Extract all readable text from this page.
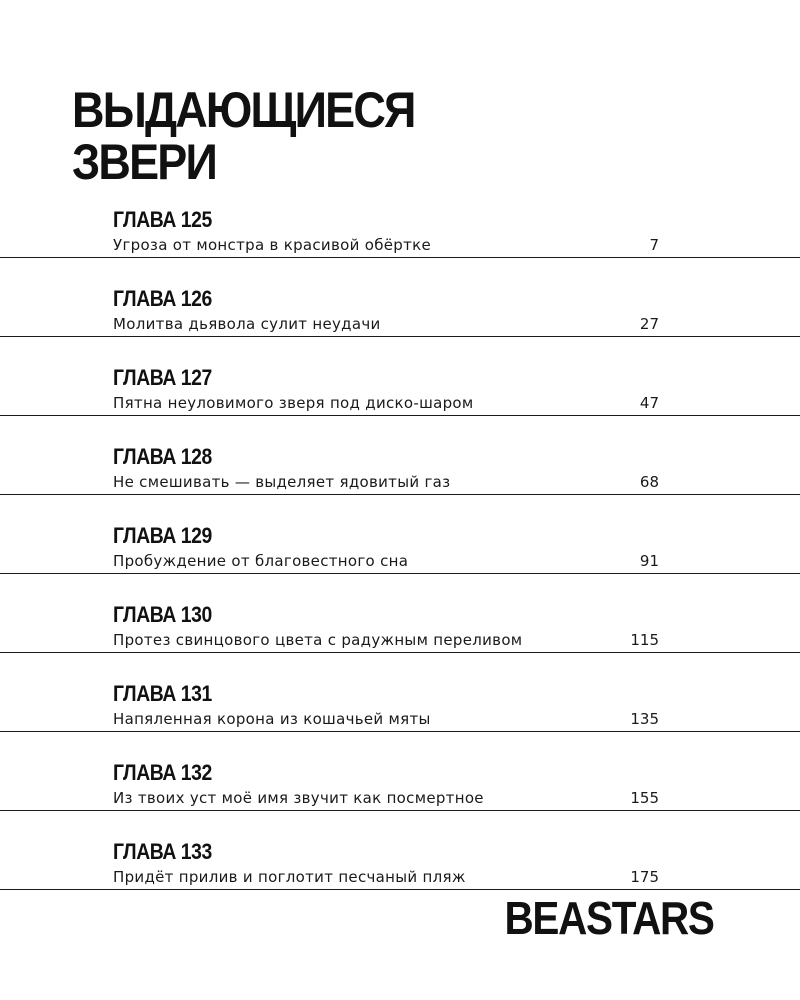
ВЫДАЮЩИЕСЯ
ЗВЕРИ
ГЛАВА 125
Угроза от монстра в красивой обёртке	7
ГЛАВА 126
Молитва дьявола сулит неудачи	27
ГЛАВА 127
Пятна неуловимого зверя под диско-шаром	47
ГЛАВА 128
Не смешивать — выделяет ядовитый газ	68
ГЛАВА 129
Пробуждение от благовестного сна	91
ГЛАВА 130
Протез свинцового цвета с радужным переливом	115
ГЛАВА 131
Напяленная корона из кошачьей мяты	135
ГЛАВА 132
Из твоих уст моё имя звучит как посмертное	155
ГЛАВА 133
Придёт прилив и поглотит песчаный пляж	175
BEASTARS
